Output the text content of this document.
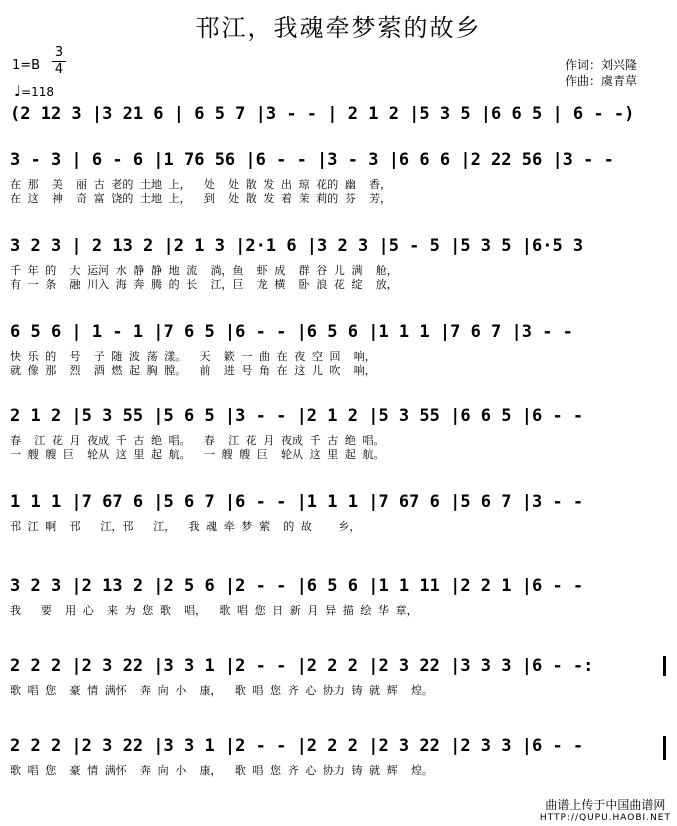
邗江，我魂牵梦萦的故乡
1=B
3
4
♩=118
作词：刘兴隆
作曲：虞青草
(2 12 3 |3 21 6 | 6 5 7 |3 - - | 2 1 2 |5 3 5 |6 6 5 | 6 - -)
3 - 3 | 6 - 6 |1 76 56 |6 - - |3 - 3 |6 6 6 |2 22 56 |3 - -
在 那  美  丽 古 老的 土地 上，  处  处 散 发 出 琼 花的 幽  香，
在 这  神  奇 富 饶的 土地 上，  到  处 散 发 着 茉 莉的 芬  芳，
3 2 3 | 2 13 2 |2 1 3 |2·1 6 |3 2 3 |5 - 5 |5 3 5 |6·5 3
千 年 的  大 运河 水 静 静 地 流  淌，鱼  虾 成  群 谷 儿 满  舱，
有 一 条  融 川入 海 奔 腾 的 长  江，巨  龙 横  卧 浪 花 绽  放，
6 5 6 | 1 - 1 |7 6 5 |6 - - |6 5 6 |1 1 1 |7 6 7 |3 - -
快 乐 的  号  子 随 波 荡 漾。  天  簌 一 曲 在 夜 空 回  响，
就 像 那  烈  酒 燃 起 胸 膛。  前  进 号 角 在 这 儿 吹  响，
2 1 2 |5 3 55 |5 6 5 |3 - - |2 1 2 |5 3 55 |6 6 5 |6 - -
春  江 花 月 夜成 千 古 绝 唱。  春  江 花 月 夜成 千 古 绝 唱。
一 艘 艘 巨  轮从 这 里 起 航。  一 艘 艘 巨  轮从 这 里 起 航。
1 1 1 |7 67 6 |5 6 7 |6 - - |1 1 1 |7 67 6 |5 6 7 |3 - -
邗 江 啊  邗   江，邗   江，  我 魂 牵 梦 萦  的 故    乡，
3 2 3 |2 13 2 |2 5 6 |2 - - |6 5 6 |1 1 11 |2 2 1 |6 - -
我   要  用 心  来 为 您 歌  唱，  歌 唱 您 日 新 月 异 描 绘 华 章，
2 2 2 |2 3 22 |3 3 1 |2 - - |2 2 2 |2 3 22 |3 3 3 |6 - -:
歌 唱 您  豪 情 满怀  奔 向 小  康，  歌 唱 您 齐 心 协力 铸 就 辉  煌。
2 2 2 |2 3 22 |3 3 1 |2 - - |2 2 2 |2 3 22 |2 3 3 |6 - -
歌 唱 您  豪 情 满怀  奔 向 小  康，  歌 唱 您 齐 心 协力 铸 就 辉  煌。
曲谱上传于中国曲谱网
HTTP://QUPU.HAOBI.NET
